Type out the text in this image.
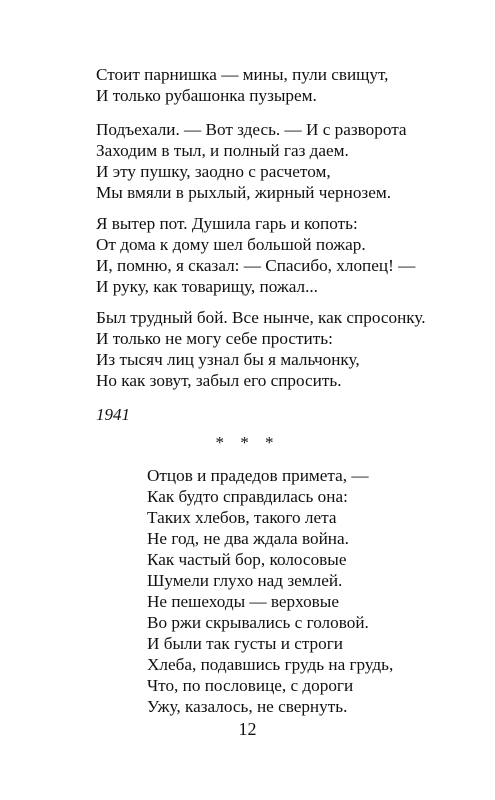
Стоит парнишка — мины, пули свищут,
И только рубашонка пузырем.
Подъехали. — Вот здесь. — И с разворота
Заходим в тыл, и полный газ даем.
И эту пушку, заодно с расчетом,
Мы вмяли в рыхлый, жирный чернозем.
Я вытер пот. Душила гарь и копоть:
От дома к дому шел большой пожар.
И, помню, я сказал: — Спасибо, хлопец! —
И руку, как товарищу, пожал...
Был трудный бой. Все нынче, как спросонку.
И только не могу себе простить:
Из тысяч лиц узнал бы я мальчонку,
Но как зовут, забыл его спросить.
1941
* * *
Отцов и прадедов примета, —
Как будто справдилась она:
Таких хлебов, такого лета
Не год, не два ждала война.
Как частый бор, колосовые
Шумели глухо над землей.
Не пешеходы — верховые
Во ржи скрывались с головой.
И были так густы и строги
Хлеба, подавшись грудь на грудь,
Что, по пословице, с дороги
Ужу, казалось, не свернуть.
12
